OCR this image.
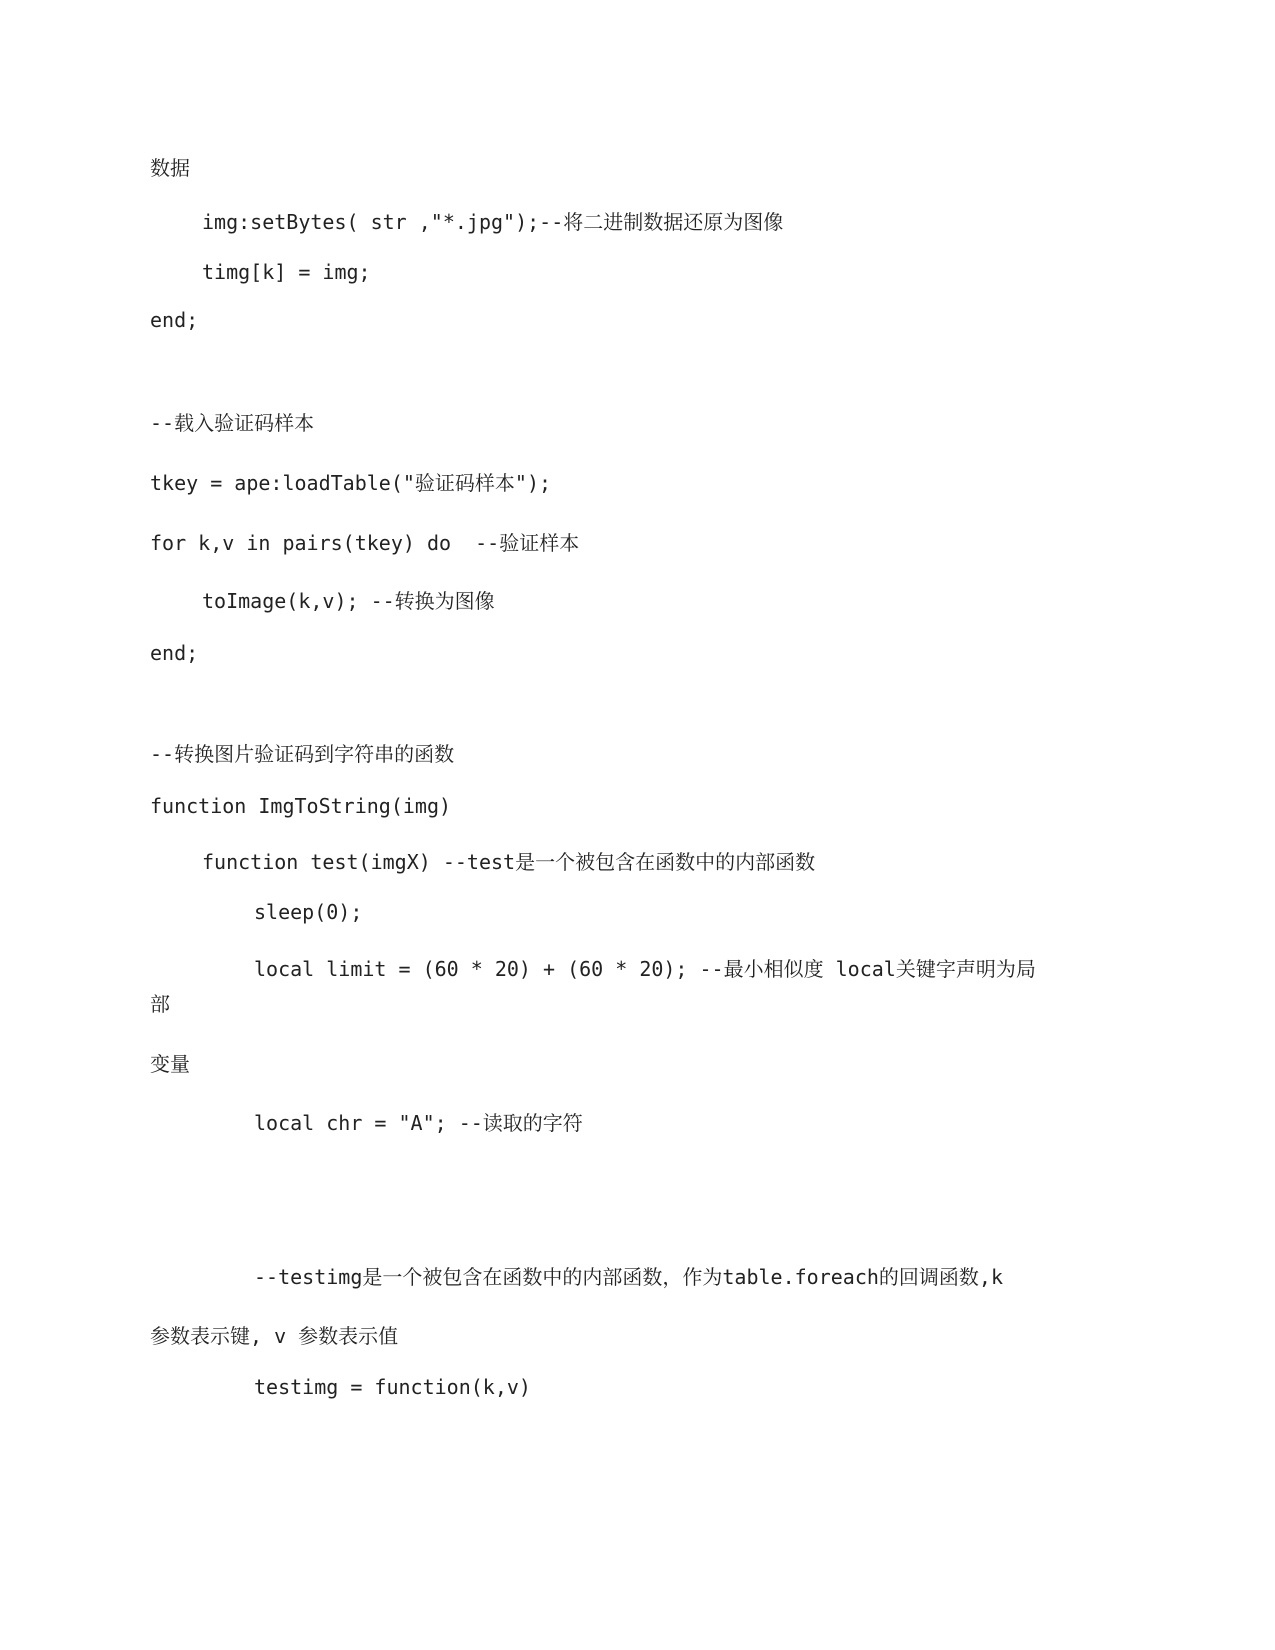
数据
img:setBytes( str ,"*.jpg");--将二进制数据还原为图像
timg[k] = img;
end;
--载入验证码样本
tkey = ape:loadTable("验证码样本");
for k,v in pairs(tkey) do  --验证样本
toImage(k,v); --转换为图像
end;
--转换图片验证码到字符串的函数
function ImgToString(img)
function test(imgX) --test是一个被包含在函数中的内部函数
sleep(0);
local limit = (60 * 20) + (60 * 20); --最小相似度 local关键字声明为局
部
变量
local chr = "A"; --读取的字符
--testimg是一个被包含在函数中的内部函数，作为table.foreach的回调函数,k
参数表示键, v 参数表示值
testimg = function(k,v)
